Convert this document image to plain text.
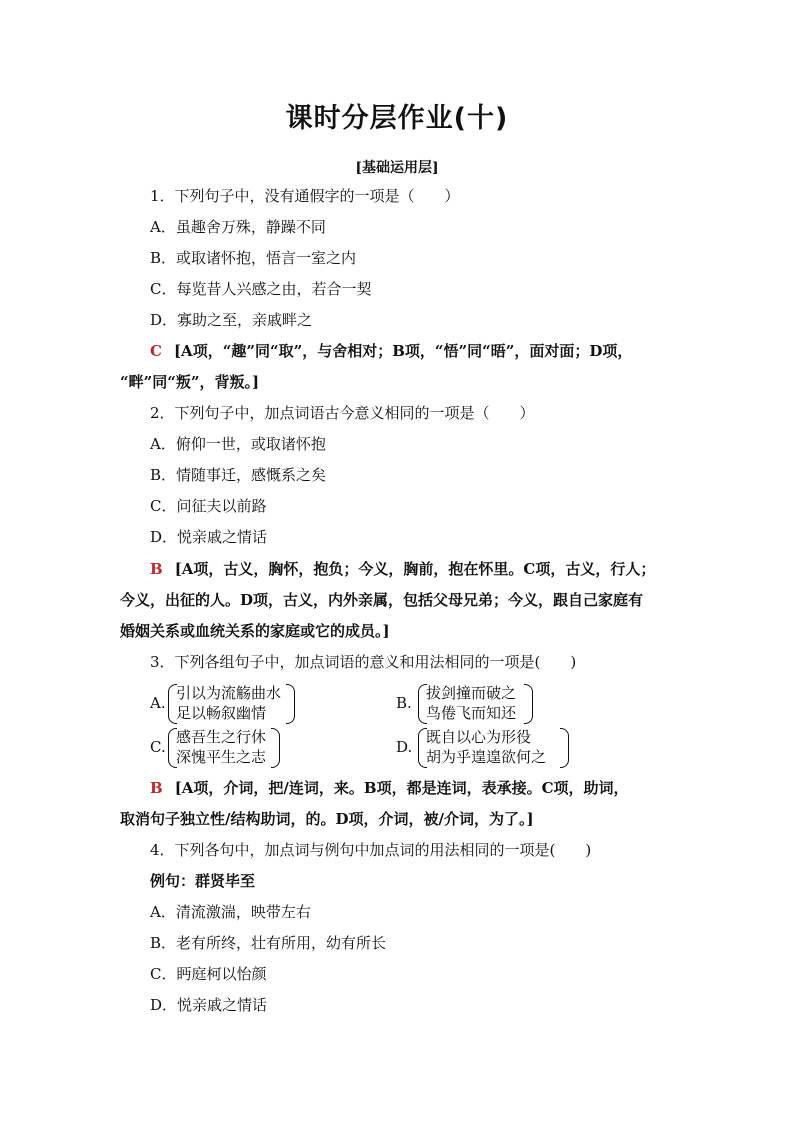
课时分层作业(十)
[基础运用层]
1．下列句子中，没有通假字的一项是（　　）
A．虽趣舍万殊，静躁不同
B．或取诸怀抱，悟言一室之内
C．每览昔人兴感之由，若合一契
D．寡助之至，亲戚畔之
C [A项，“趣”同“取”，与舍相对；B项，“悟”同“晤”，面对面；D项，
“畔”同“叛”，背叛。]
2．下列句子中，加点词语古今意义相同的一项是（　　）
A．俯仰一世，或取诸怀抱
B．情随事迁，感慨系之矣
C．问征夫以前路
D．悦亲戚之情话
B [A项，古义，胸怀，抱负；今义，胸前，抱在怀里。C项，古义，行人；
今义，出征的人。D项，古义，内外亲属，包括父母兄弟；今义，跟自己家庭有
婚姻关系或血统关系的家庭或它的成员。]
3．下列各组句子中，加点词语的意义和用法相同的一项是(　　)
A.
引以为流觞曲水
足以畅叙幽情
B.
拔剑撞而破之
鸟倦飞而知还
C.
感吾生之行休
深愧平生之志
D.
既自以心为形役
胡为乎遑遑欲何之
B [A项，介词，把/连词，来。B项，都是连词，表承接。C项，助词，
取消句子独立性/结构助词，的。D项，介词，被/介词，为了。]
4．下列各句中，加点词与例句中加点词的用法相同的一项是(　　)
例句：群贤毕至
A．清流激湍，映带左右
B．老有所终，壮有所用，幼有所长
C．眄庭柯以怡颜
D．悦亲戚之情话
